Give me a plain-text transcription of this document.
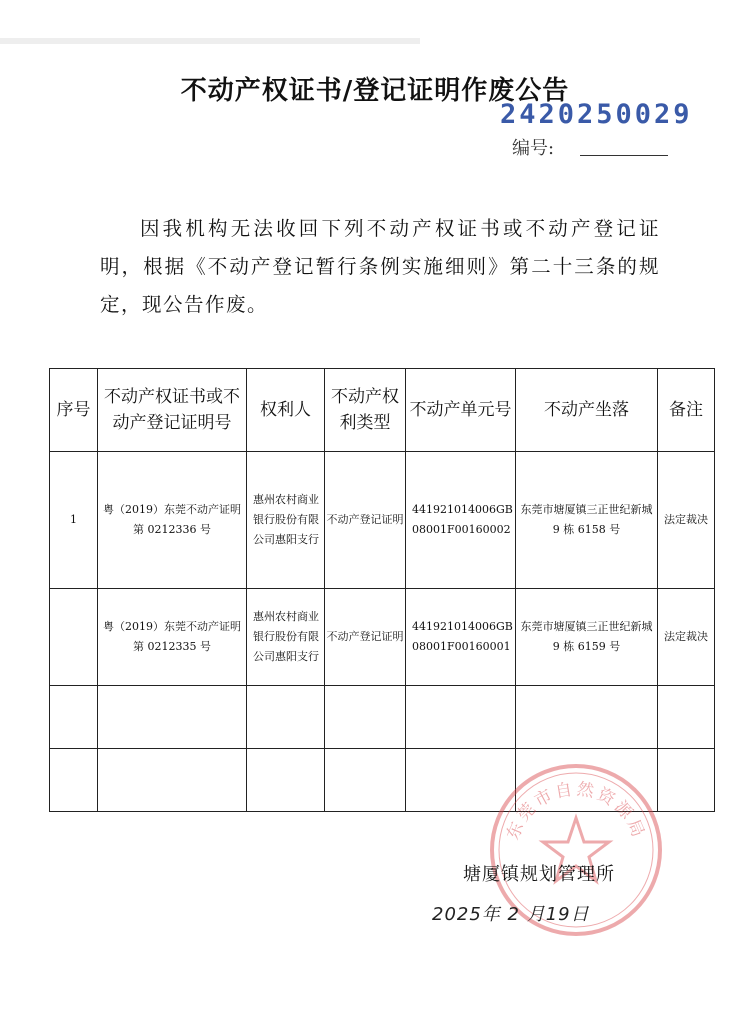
不动产权证书/登记证明作废公告
2420250029
编号:
因我机构无法收回下列不动产权证书或不动产登记证明，根据《不动产登记暂行条例实施细则》第二十三条的规定，现公告作废。
序号	不动产权证书或不动产登记证明号	权利人	不动产权利类型	不动产单元号	不动产坐落	备注
1	粤（2019）东莞不动产证明第 0212336 号	惠州农村商业银行股份有限公司惠阳支行	不动产登记证明	441921014006GB08001F00160002	东莞市塘厦镇三正世纪新城 9 栋 6158 号	法定裁决
	粤（2019）东莞不动产证明第 0212335 号	惠州农村商业银行股份有限公司惠阳支行	不动产登记证明	441921014006GB08001F00160001	东莞市塘厦镇三正世纪新城 9 栋 6159 号	法定裁决

东莞市自然资源局
塘厦镇规划管理所
2025年 2 月19日
